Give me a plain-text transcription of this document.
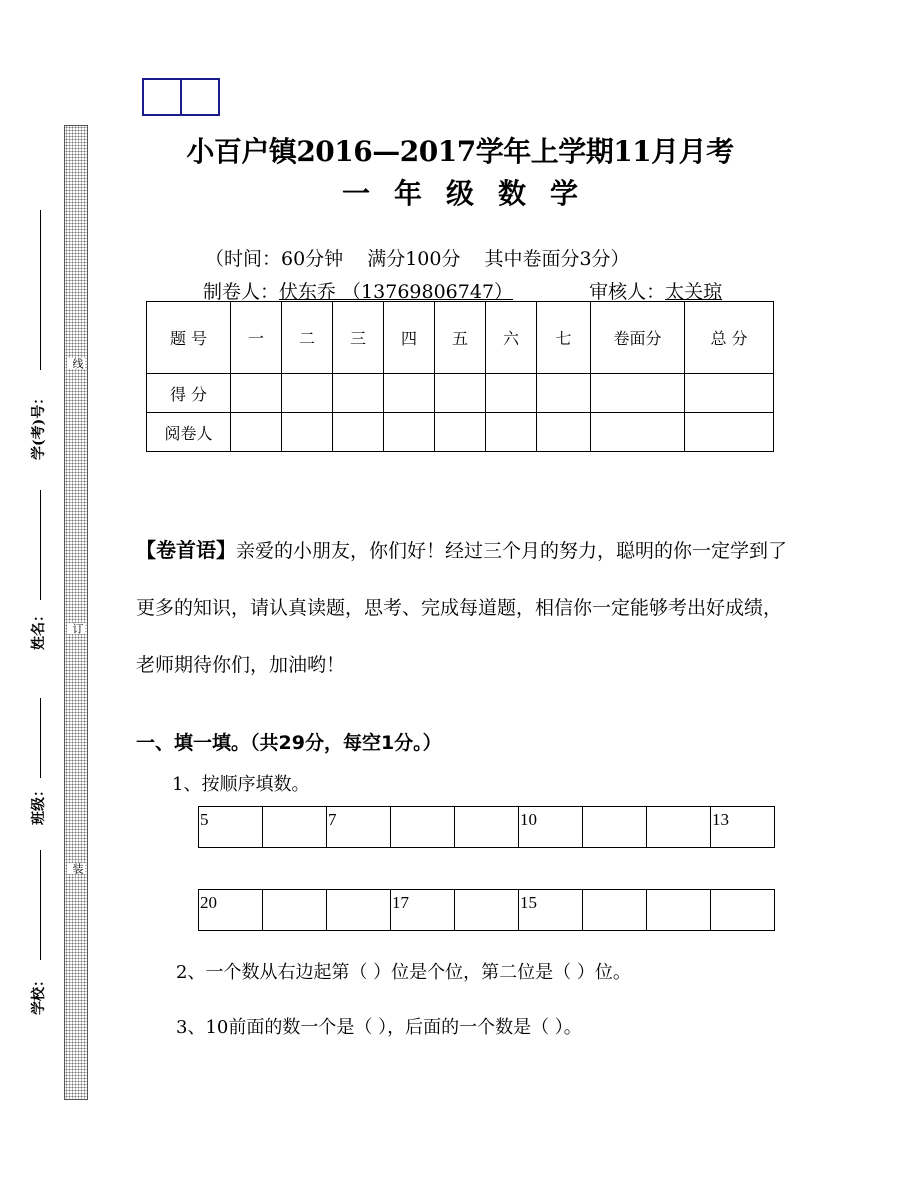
线
订
装
学(考)号：
姓名：
班级：
学校：
小百户镇2016—2017学年上学期11月月考
一年级数学
（时间：60分钟 满分100分 其中卷面分3分）
制卷人：伏东乔 （13769806747）	审核人：太关琼
题 号	一	二	三	四	五	六	七	卷面分	总 分
得 分									
阅卷人									
【卷首语】亲爱的小朋友，你们好！经过三个月的努力，聪明的你一定学到了更多的知识，请认真读题，思考、完成每道题，相信你一定能够考出好成绩，老师期待你们，加油哟！
一、填一填。（共29分，每空1分。）
1、按顺序填数。
5		7			10			13
20			17		15			
2、一个数从右边起第（ ）位是个位，第二位是（ ）位。
3、10前面的数一个是（ ），后面的一个数是（ ）。
